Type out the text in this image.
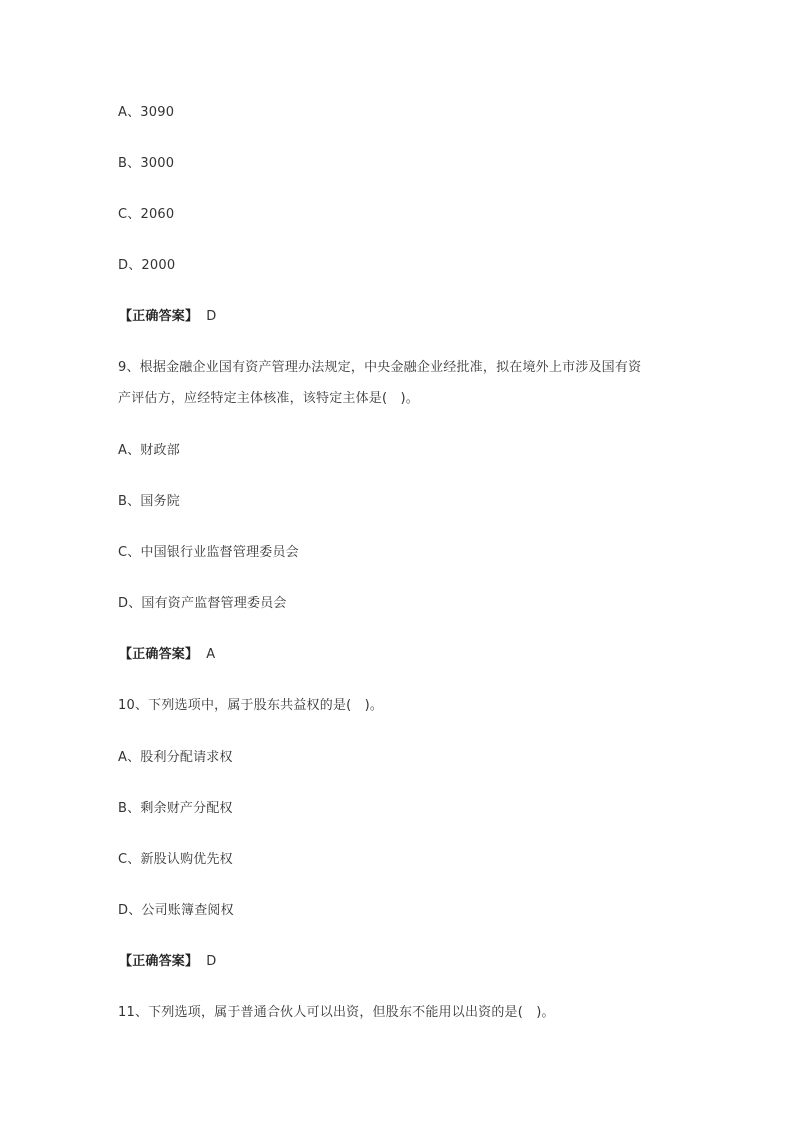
A、3090
B、3000
C、2060
D、2000
【正确答案】 D
9、根据金融企业国有资产管理办法规定，中央金融企业经批准，拟在境外上市涉及国有资
产评估方，应经特定主体核准，该特定主体是(　)。
A、财政部
B、国务院
C、中国银行业监督管理委员会
D、国有资产监督管理委员会
【正确答案】 A
10、下列选项中，属于股东共益权的是(　)。
A、股利分配请求权
B、剩余财产分配权
C、新股认购优先权
D、公司账簿查阅权
【正确答案】 D
11、下列选项，属于普通合伙人可以出资，但股东不能用以出资的是(　)。
